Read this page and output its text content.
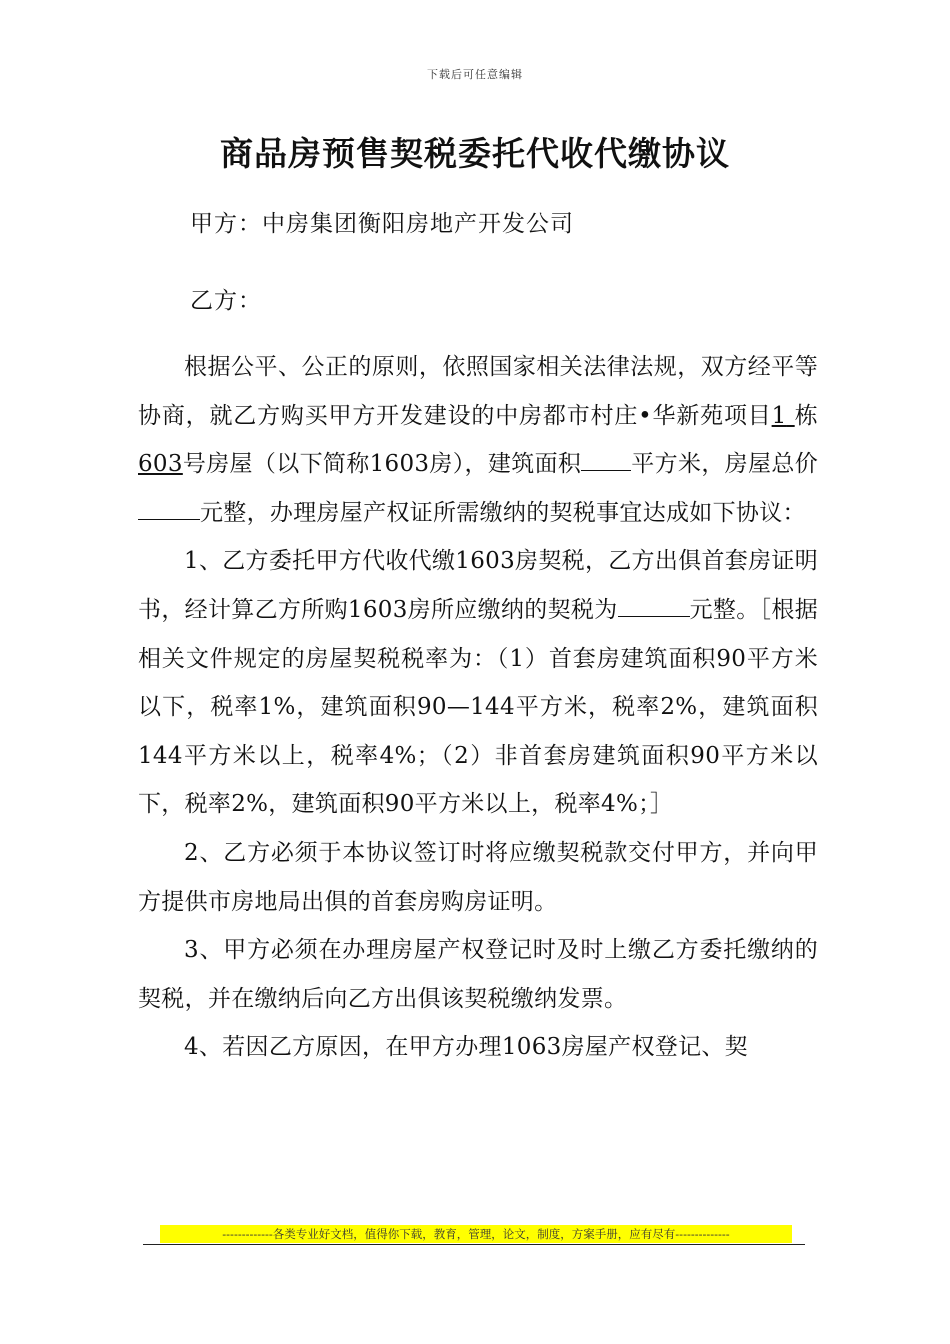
下载后可任意编辑
商品房预售契税委托代收代缴协议
甲方：中房集团衡阳房地产开发公司
乙方：

根据公平、公正的原则，依照国家相关法律法规，双方经平等协商，就乙方购买甲方开发建设的中房都市村庄•华新苑项目1 栋603号房屋（以下简称1603房），建筑面积 平方米，房屋总价元整，办理房屋产权证所需缴纳的契税事宜达成如下协议：

1、乙方委托甲方代收代缴1603房契税，乙方出俱首套房证明书，经计算乙方所购1603房所应缴纳的契税为	元整。［根据相关文件规定的房屋契税税率为：（1）首套房建筑面积90平方米以下，税率1%，建筑面积90—144平方米，税率2%，建筑面积144平方米以上，税率4%；（2）非首套房建筑面积90平方米以下，税率2%，建筑面积90平方米以上，税率4%；］

2、乙方必须于本协议签订时将应缴契税款交付甲方，并向甲方提供市房地局出俱的首套房购房证明。

3、甲方必须在办理房屋产权登记时及时上缴乙方委托缴纳的契税，并在缴纳后向乙方出俱该契税缴纳发票。

4、若因乙方原因，在甲方办理1063房屋产权登记、契

-------------各类专业好文档，值得你下载，教育，管理，论文，制度，方案手册，应有尽有--------------
